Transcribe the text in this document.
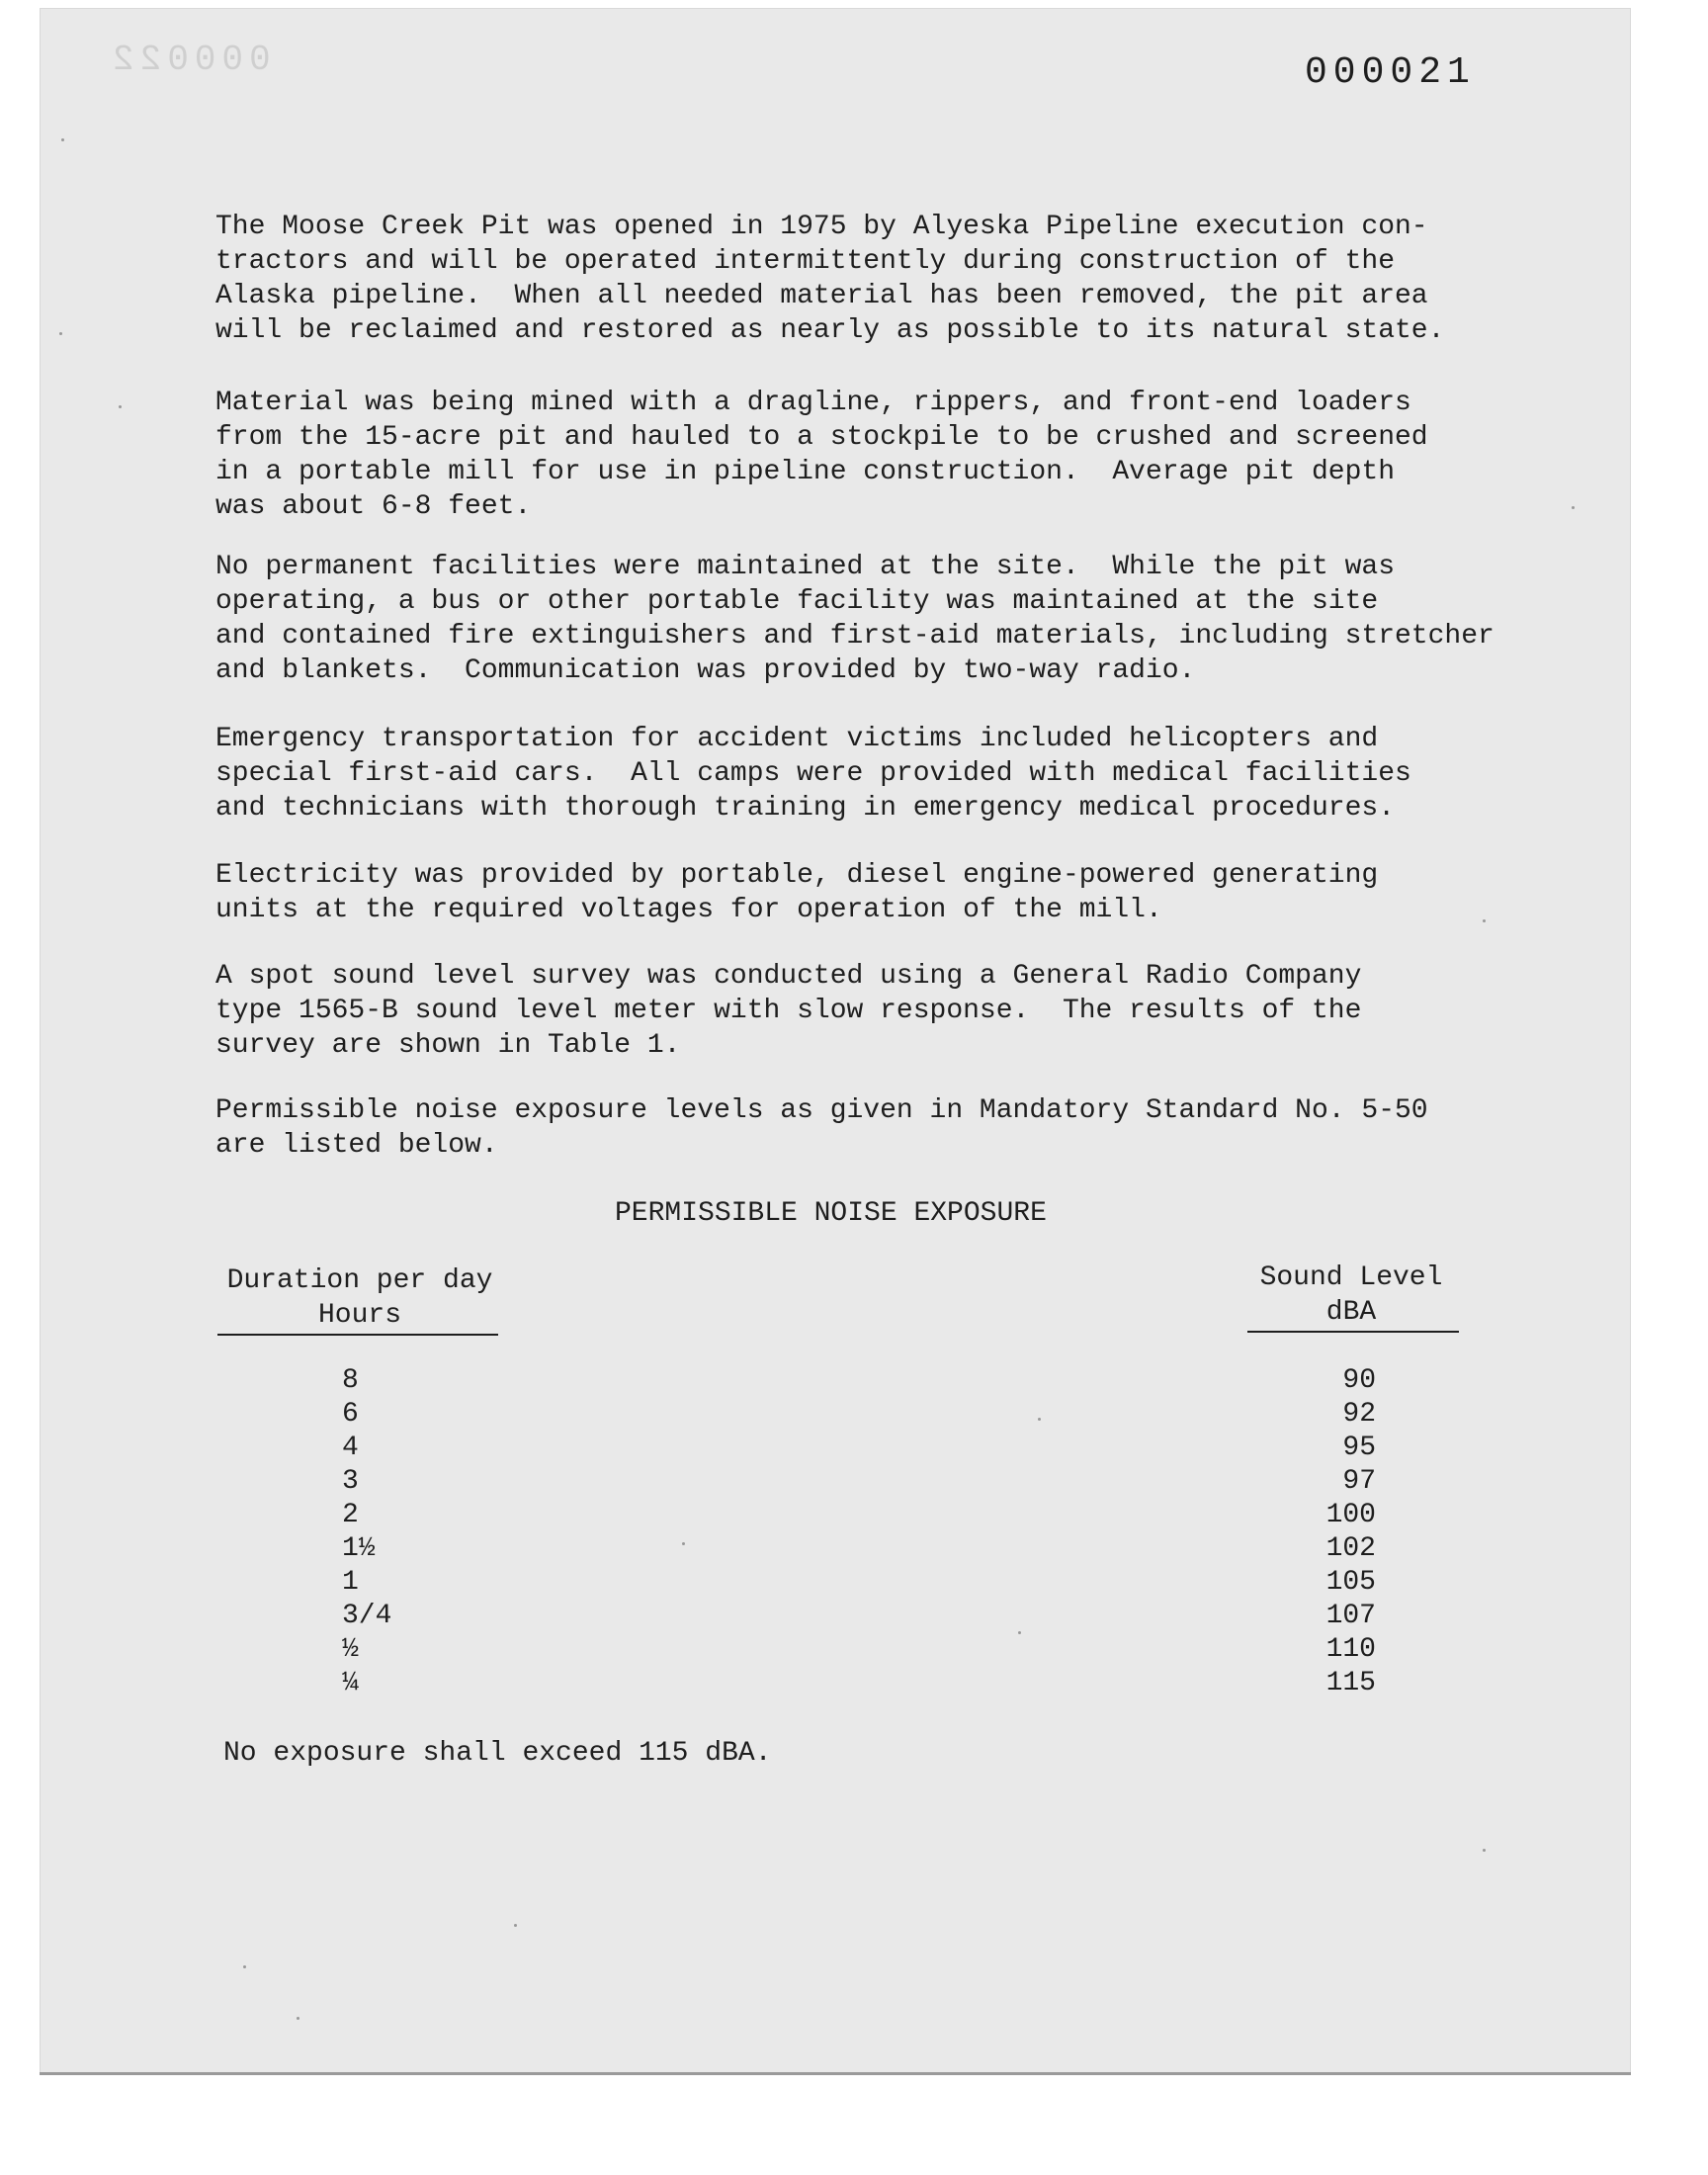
000022	000021

The Moose Creek Pit was opened in 1975 by Alyeska Pipeline execution con-
tractors and will be operated intermittently during construction of the
Alaska pipeline.  When all needed material has been removed, the pit area
will be reclaimed and restored as nearly as possible to its natural state.

Material was being mined with a dragline, rippers, and front-end loaders
from the 15-acre pit and hauled to a stockpile to be crushed and screened
in a portable mill for use in pipeline construction.  Average pit depth
was about 6-8 feet.

No permanent facilities were maintained at the site.  While the pit was
operating, a bus or other portable facility was maintained at the site
and contained fire extinguishers and first-aid materials, including stretcher
and blankets.  Communication was provided by two-way radio.

Emergency transportation for accident victims included helicopters and
special first-aid cars.  All camps were provided with medical facilities
and technicians with thorough training in emergency medical procedures.

Electricity was provided by portable, diesel engine-powered generating
units at the required voltages for operation of the mill.

A spot sound level survey was conducted using a General Radio Company
type 1565-B sound level meter with slow response.  The results of the
survey are shown in Table 1.

Permissible noise exposure levels as given in Mandatory Standard No. 5-50
are listed below.

PERMISSIBLE NOISE EXPOSURE
Duration per day
Hours
Sound Level
dBA
8
6
4
3
2
1½
1
3/4
½
¼
90
92
95
97
100
102
105
107
110
115
No exposure shall exceed 115 dBA.
